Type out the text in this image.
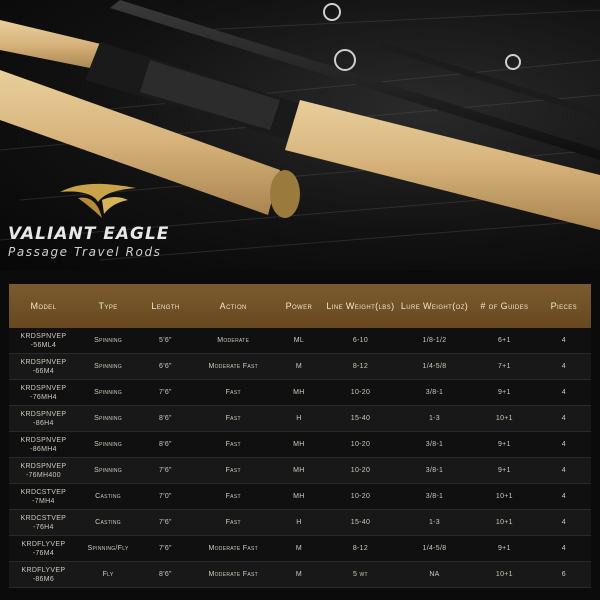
VALIANT EAGLE
Passage Travel Rods
Model	Type	Length	Action	Power	Line Weight(lbs)	Lure Weight(oz)	# of Guides	Pieces
KRDSPNVEP -56ML4	Spinning	5'6"	Moderate	ML	6-10	1/8-1/2	6+1	4
KRDSPNVEP -66M4	Spinning	6'6"	Moderate Fast	M	8-12	1/4-5/8	7+1	4
KRDSPNVEP -76MH4	Spinning	7'6"	Fast	MH	10-20	3/8-1	9+1	4
KRDSPNVEP -86H4	Spinning	8'6"	Fast	H	15-40	1-3	10+1	4
KRDSPNVEP -86MH4	Spinning	8'6"	Fast	MH	10-20	3/8-1	9+1	4
KRDSPNVEP -76MH400	Spinning	7'6"	Fast	MH	10-20	3/8-1	9+1	4
KRDCSTVEP -7MH4	Casting	7'0"	Fast	MH	10-20	3/8-1	10+1	4
KRDCSTVEP -76H4	Casting	7'6"	Fast	H	15-40	1-3	10+1	4
KRDFLYVEP -76M4	Spinning/Fly	7'6"	Moderate Fast	M	8-12	1/4-5/8	9+1	4
KRDFLYVEP -86M6	Fly	8'6"	Moderate Fast	M	5 wt	NA	10+1	6
